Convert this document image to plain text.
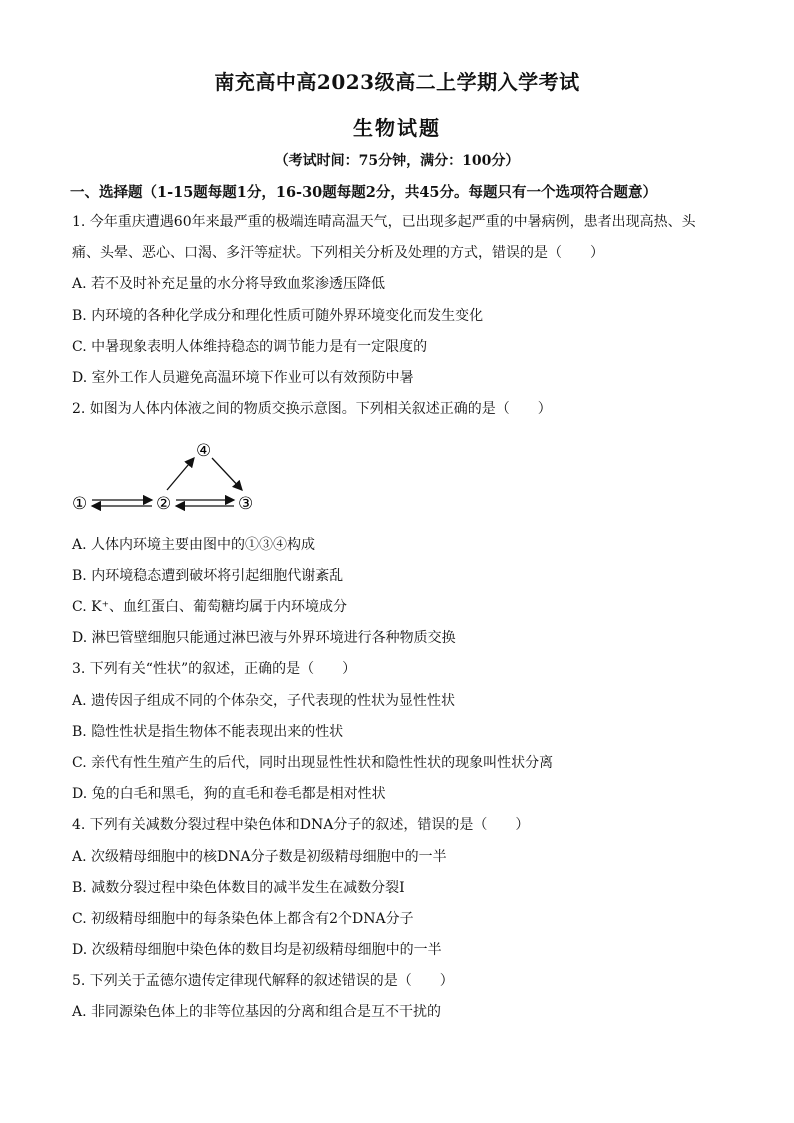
南充高中高2023级高二上学期入学考试
生物试题
（考试时间：75分钟，满分：100分）
一、选择题（1-15题每题1分，16-30题每题2分，共45分。每题只有一个选项符合题意）
1. 今年重庆遭遇60年来最严重的极端连晴高温天气，已出现多起严重的中暑病例，患者出现高热、头
痛、头晕、恶心、口渴、多汗等症状。下列相关分析及处理的方式，错误的是（　　）
A. 若不及时补充足量的水分将导致血浆渗透压降低
B. 内环境的各种化学成分和理化性质可随外界环境变化而发生变化
C. 中暑现象表明人体维持稳态的调节能力是有一定限度的
D. 室外工作人员避免高温环境下作业可以有效预防中暑
2. 如图为人体内体液之间的物质交换示意图。下列相关叙述正确的是（　　）
①	②	③
④
A. 人体内环境主要由图中的①③④构成
B. 内环境稳态遭到破坏将引起细胞代谢紊乱
C. K⁺、血红蛋白、葡萄糖均属于内环境成分
D. 淋巴管壁细胞只能通过淋巴液与外界环境进行各种物质交换
3. 下列有关“性状”的叙述，正确的是（　　）
A. 遗传因子组成不同的个体杂交，子代表现的性状为显性性状
B. 隐性性状是指生物体不能表现出来的性状
C. 亲代有性生殖产生的后代，同时出现显性性状和隐性性状的现象叫性状分离
D. 兔的白毛和黑毛，狗的直毛和卷毛都是相对性状
4. 下列有关减数分裂过程中染色体和DNA分子的叙述，错误的是（　　）
A. 次级精母细胞中的核DNA分子数是初级精母细胞中的一半
B. 减数分裂过程中染色体数目的减半发生在减数分裂Ⅰ
C. 初级精母细胞中的每条染色体上都含有2个DNA分子
D. 次级精母细胞中染色体的数目均是初级精母细胞中的一半
5. 下列关于孟德尔遗传定律现代解释的叙述错误的是（　　）
A. 非同源染色体上的非等位基因的分离和组合是互不干扰的
